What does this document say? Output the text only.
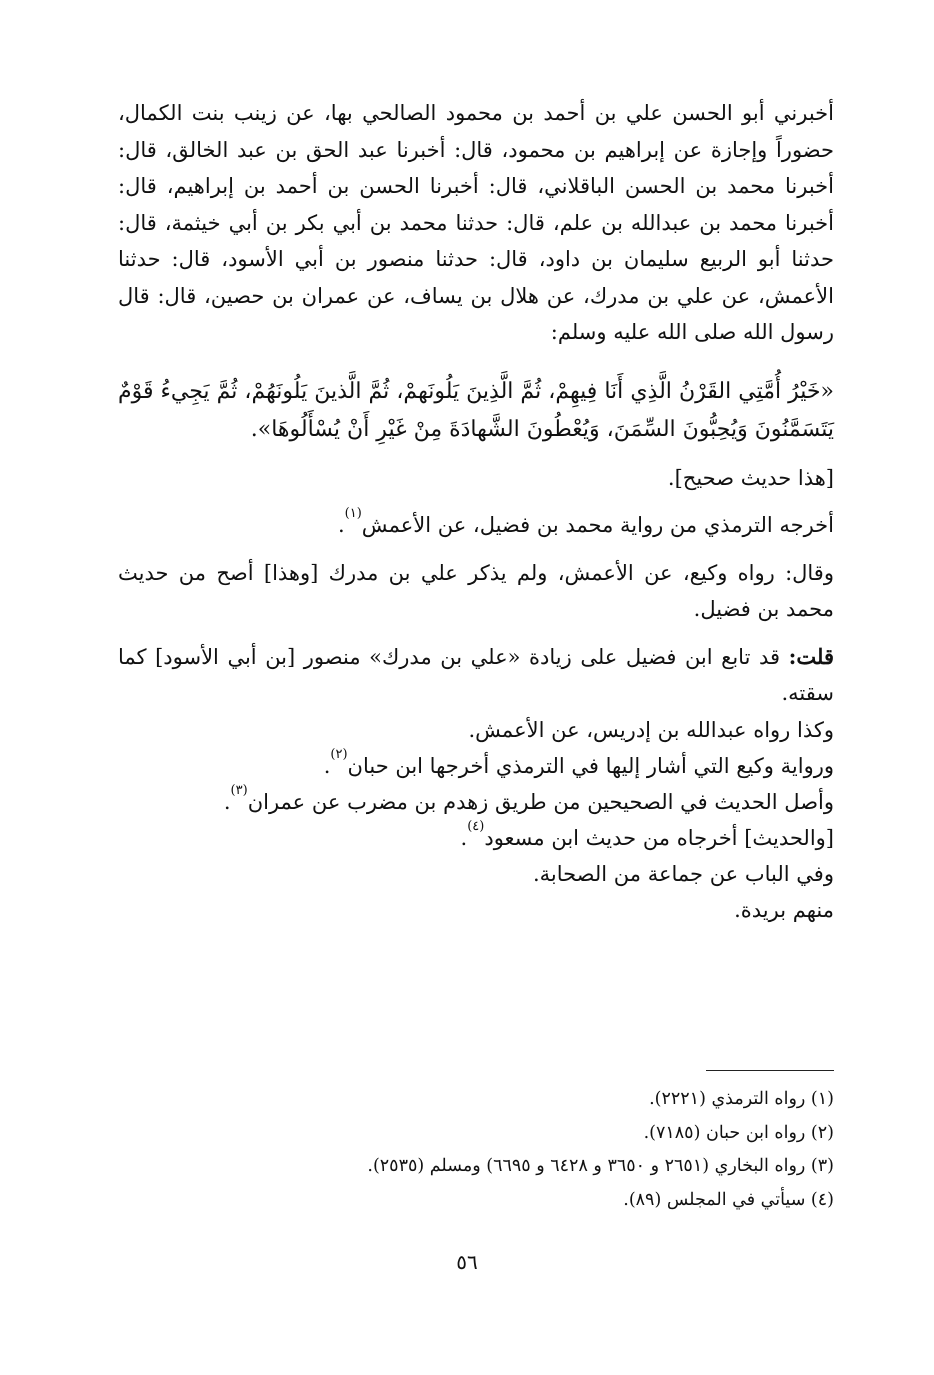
أخبرني أبو الحسن علي بن أحمد بن محمود الصالحي بها، عن زينب بنت الكمال، حضوراً وإجازة عن إبراهيم بن محمود، قال: أخبرنا عبد الحق بن عبد الخالق، قال: أخبرنا محمد بن الحسن الباقلاني، قال: أخبرنا الحسن بن أحمد بن إبراهيم، قال: أخبرنا محمد بن عبدالله بن علم، قال: حدثنا محمد بن أبي بكر بن أبي خيثمة، قال: حدثنا أبو الربيع سليمان بن داود، قال: حدثنا منصور بن أبي الأسود، قال: حدثنا الأعمش، عن علي بن مدرك، عن هلال بن يساف، عن عمران بن حصين، قال: قال رسول الله صلى الله عليه وسلم:

«خَيْرُ أُمَّتِي القَرْنُ الَّذِي أَنَا فِيهِمْ، ثُمَّ الَّذِينَ يَلُونَهمْ، ثُمَّ الَّذينَ يَلُونَهُمْ، ثُمَّ يَجِيءُ قَوْمٌ يَتَسَمَّنُونَ وَيُحِبُّونَ السِّمَنَ، وَيُعْطُونَ الشَّهادَةَ مِنْ غَيْرِ أَنْ يُسْأَلُوهَا».

[هذا حديث صحيح].

أخرجه الترمذي من رواية محمد بن فضيل، عن الأعمش$^{(١)}$.

وقال: رواه وكيع، عن الأعمش، ولم يذكر علي بن مدرك [وهذا] أصح من حديث محمد بن فضيل.

قلت: قد تابع ابن فضيل على زيادة «علي بن مدرك» منصور [بن أبي الأسود] كما سقته.

وكذا رواه عبدالله بن إدريس، عن الأعمش.

ورواية وكيع التي أشار إليها في الترمذي أخرجها ابن حبان$^{(٢)}$.

وأصل الحديث في الصحيحين من طريق زهدم بن مضرب عن عمران$^{(٣)}$.

[والحديث] أخرجاه من حديث ابن مسعود$^{(٤)}$.

وفي الباب عن جماعة من الصحابة.

منهم بريدة.

(١) رواه الترمذي (٢٢٢١).

(٢) رواه ابن حبان (٧١٨٥).

(٣) رواه البخاري (٢٦٥١ و ٣٦٥٠ و ٦٤٢٨ و ٦٦٩٥) ومسلم (٢٥٣٥).

(٤) سيأتي في المجلس (٨٩).

٥٦
